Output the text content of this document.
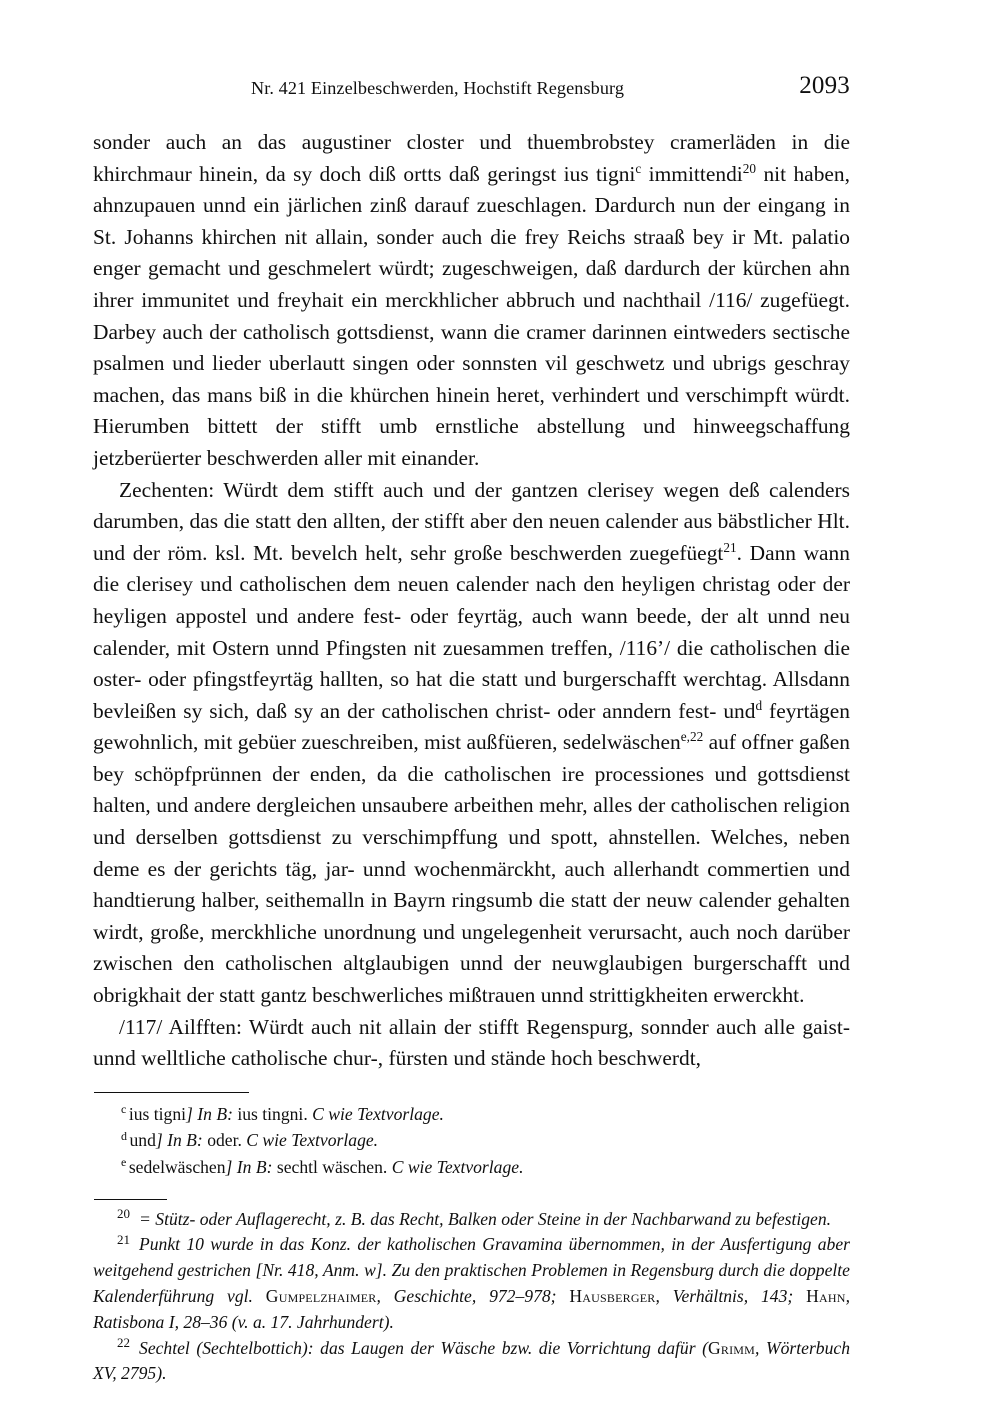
Nr. 421 Einzelbeschwerden, Hochstift Regensburg	2093

sonder auch an das augustiner closter und thuembrobstey cramerläden in die khirchmaur hinein, da sy doch diß ortts daß geringst ius tigni$^c$ immittendi$^{20}$ nit haben, ahnzupauen unnd ein järlichen zinß darauf zueschlagen. Dardurch nun der eingang in St. Johanns khirchen nit allain, sonder auch die frey Reichs straaß bey ir Mt. palatio enger gemacht und geschmelert würdt; zugeschweigen, daß dardurch der kürchen ahn ihrer immunitet und freyhait ein merckhlicher abbruch und nachthail /116/ zugefüegt. Darbey auch der catholisch gottsdienst, wann die cramer darinnen eintweders sectische psalmen und lieder uberlautt singen oder sonnsten vil geschwetz und ubrigs geschray machen, das mans biß in die khürchen hinein heret, verhindert und verschimpft würdt. Hierumben bittett der stifft umb ernstliche abstellung und hinweegschaffung jetzberüerter beschwerden aller mit einander.

Zechenten: Würdt dem stifft auch und der gantzen clerisey wegen deß calenders darumben, das die statt den allten, der stifft aber den neuen calender aus bäbstlicher Hlt. und der röm. ksl. Mt. bevelch helt, sehr große beschwerden zuegefüegt$^{21}$. Dann wann die clerisey und catholischen dem neuen calender nach den heyligen christag oder der heyligen appostel und andere fest- oder feyrtäg, auch wann beede, der alt unnd neu calender, mit Ostern unnd Pfingsten nit zuesammen treffen, /116’/ die catholischen die oster- oder pfingstfeyrtäg hallten, so hat die statt und burgerschafft werchtag. Allsdann bevleißen sy sich, daß sy an der catholischen christ- oder anndern fest- und$^d$ feyrtägen gewohnlich, mit gebüer zueschreiben, mist außfüeren, sedelwäschen$^{e,22}$ auf offner gaßen bey schöpfprünnen der enden, da die catholischen ire processiones und gottsdienst halten, und andere dergleichen unsaubere arbeithen mehr, alles der catholischen religion und derselben gottsdienst zu verschimpffung und spott, ahnstellen. Welches, neben deme es der gerichts täg, jar- unnd wochenmärckht, auch allerhandt commertien und handtierung halber, seithemalln in Bayrn ringsumb die statt der neuw calender gehalten wirdt, große, merckhliche unordnung und ungelegenheit verursacht, auch noch darüber zwischen den catholischen altglaubigen unnd der neuwglaubigen burgerschafft und obrigkhait der statt gantz beschwerliches mißtrauen unnd strittigkheiten erwerckht.

/117/ Ailfften: Würdt auch nit allain der stifft Regenspurg, sonnder auch alle gaist- unnd welltliche catholische chur-, fürsten und stände hoch beschwerdt,

$^c$ ius tigni] In B: ius tingni. C wie Textvorlage.

$^d$ und] In B: oder. C wie Textvorlage.

$^e$ sedelwäschen] In B: sechtl wäschen. C wie Textvorlage.

$^{20}$ = Stütz- oder Auflagerecht, z. B. das Recht, Balken oder Steine in der Nachbarwand zu befestigen.

$^{21}$ Punkt 10 wurde in das Konz. der katholischen Gravamina übernommen, in der Ausfertigung aber weitgehend gestrichen [Nr. 418, Anm. w]. Zu den praktischen Problemen in Regensburg durch die doppelte Kalenderführung vgl. Gumpelzhaimer, Geschichte, 972–978; Hausberger, Verhältnis, 143; Hahn, Ratisbona I, 28–36 (v. a. 17. Jahrhundert).

$^{22}$ Sechtel (Sechtelbottich): das Laugen der Wäsche bzw. die Vorrichtung dafür (Grimm, Wörterbuch XV, 2795).
